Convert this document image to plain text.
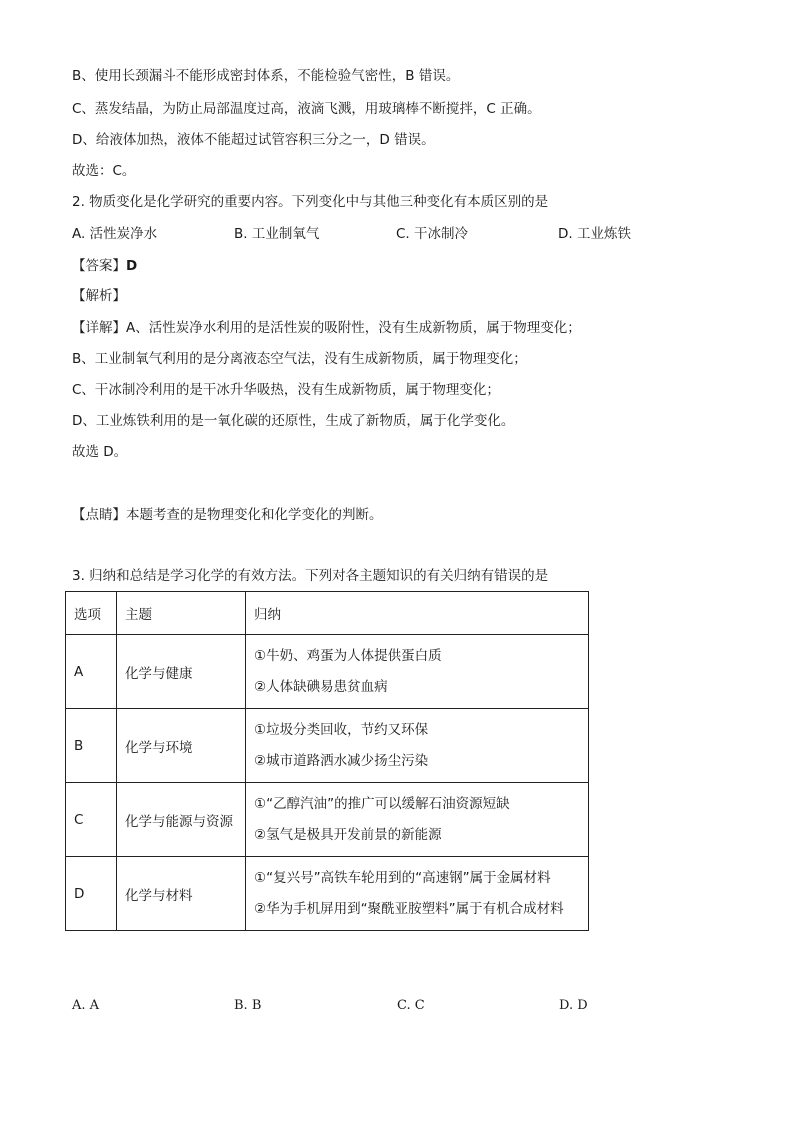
B、使用长颈漏斗不能形成密封体系，不能检验气密性，B 错误。
C、蒸发结晶，为防止局部温度过高，液滴飞溅，用玻璃棒不断搅拌，C 正确。
D、给液体加热，液体不能超过试管容积三分之一，D 错误。
故选：C。
2. 物质变化是化学研究的重要内容。下列变化中与其他三种变化有本质区别的是
A. 活性炭净水	B. 工业制氧气	C. 干冰制冷	D. 工业炼铁
【答案】D
【解析】
【详解】A、活性炭净水利用的是活性炭的吸附性，没有生成新物质，属于物理变化；
B、工业制氧气利用的是分离液态空气法，没有生成新物质，属于物理变化；
C、干冰制冷利用的是干冰升华吸热，没有生成新物质，属于物理变化；
D、工业炼铁利用的是一氧化碳的还原性，生成了新物质，属于化学变化。
故选 D。
【点睛】本题考查的是物理变化和化学变化的判断。
3. 归纳和总结是学习化学的有效方法。下列对各主题知识的有关归纳有错误的是
选项	主题	归纳
A	化学与健康	①牛奶、鸡蛋为人体提供蛋白质
②人体缺碘易患贫血病

B	化学与环境	①垃圾分类回收，节约又环保
②城市道路洒水减少扬尘污染

C	化学与能源与资源	①“乙醇汽油”的推广可以缓解石油资源短缺
②氢气是极具开发前景的新能源

D	化学与材料	①“复兴号”高铁车轮用到的“高速钢”属于金属材料
②华为手机屏用到“聚酰亚胺塑料”属于有机合成材料
A. A	B. B	C. C	D. D
